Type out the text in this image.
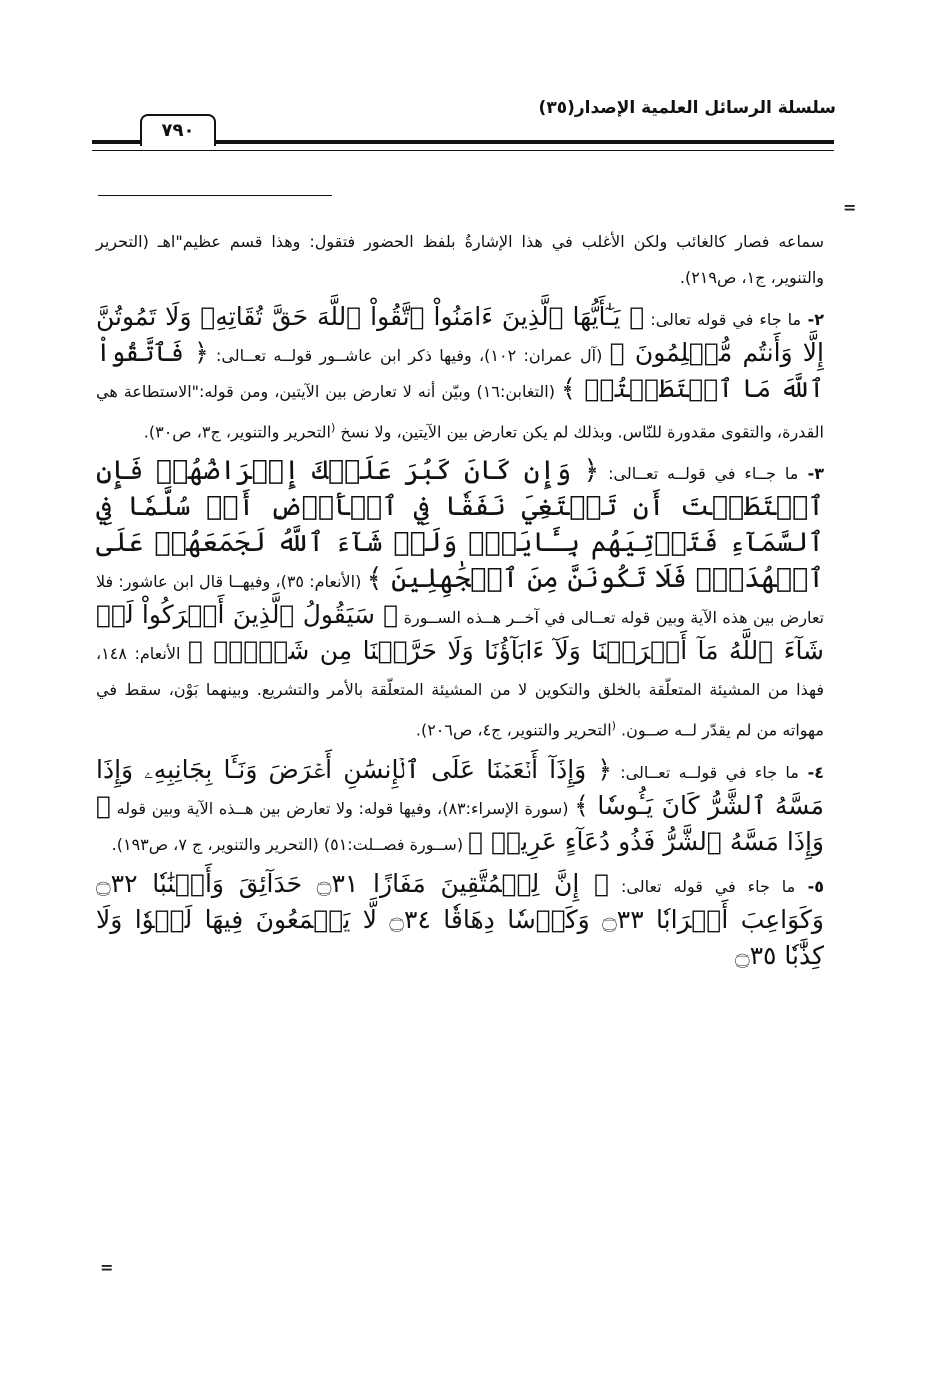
سلسلة الرسائل العلمية الإصدار(٣٥)
٧٩٠
=

سماعه فصار كالغائب ولكن الأغلب في هذا الإشارةُ بلفظ الحضور فتقول: وهذا قسم عظيم"اهـ (التحرير والتنوير، ج١، ص٢١٩).

٢- ما جاء في قوله تعالى: ﴿ يَـٰٓأَيُّهَا ٱلَّذِينَ ءَامَنُواْ ٱتَّقُواْ ٱللَّهَ حَقَّ تُقَاتِهِۦ وَلَا تَمُوتُنَّ إِلَّا وَأَنتُم مُّسۡلِمُونَ ﴾ (آل عمران: ١٠٢)، وفيها ذكر ابن عاشــور قولــه تعــالى: ﴿ فَٱتَّقُواْ ٱللَّهَ مَا ٱسۡتَطَعۡتُمۡ ﴾ (التغابن:١٦) وبيّن أنه لا تعارض بين الآيتين، ومن قوله:"الاستطاعة هي القدرة، والتقوى مقدورة للنّاس. وبذلك لم يكن تعارض بين الآيتين، ولا نسخ (التحرير والتنوير، ج٣، ص٣٠).

٣- ما جــاء في قولــه تعــالى: ﴿ وَإِن كَانَ كَبُرَ عَلَيۡكَ إِعۡرَاضُهُمۡ فَإِنِ ٱسۡتَطَعۡتَ أَن تَبۡتَغِيَ نَفَقٗا فِي ٱلۡأَرۡضِ أَوۡ سُلَّمٗا فِي ٱلسَّمَآءِ فَتَأۡتِيَهُم بِـَٔايَةٖۚ وَلَوۡ شَآءَ ٱللَّهُ لَجَمَعَهُمۡ عَلَى ٱلۡهُدَىٰۚ فَلَا تَكُونَنَّ مِنَ ٱلۡجَٰهِلِينَ ﴾ (الأنعام: ٣٥)، وفيهــا قال ابن عاشور: فلا تعارض بين هذه الآية وبين قوله تعــالى في آخــر هــذه الســورة ﴿ سَيَقُولُ ٱلَّذِينَ أَشۡرَكُواْ لَوۡ شَآءَ ٱللَّهُ مَآ أَشۡرَكۡنَا وَلَآ ءَابَآؤُنَا وَلَا حَرَّمۡنَا مِن شَيۡءٖۚ ﴾ الأنعام: ١٤٨، فهذا من المشيئة المتعلّقة بالخلق والتكوين لا من المشيئة المتعلّقة بالأمر والتشريع. وبينهما بَوْن، سقط في مهواته من لم يقدّر لــه صــون. (التحرير والتنوير، ج٤، ص٢٠٦).

٤- ما جاء في قولــه تعــالى: ﴿ وَإِذَآ أَنۡعَمۡنَا عَلَى ٱلۡإِنسَٰنِ أَعۡرَضَ وَنَـَٔا بِجَانِبِهِۦ وَإِذَا مَسَّهُ ٱلشَّرُّ كَانَ يَـُٔوسٗا ﴾ (سورة الإسراء:٨٣)، وفيها قوله: ولا تعارض بين هــذه الآية وبين قوله ﴿ وَإِذَا مَسَّهُ ٱلشَّرُّ فَذُو دُعَآءٍ عَرِيضٖ ﴾ (ســورة فصــلت:٥١) (التحرير والتنوير، ج ٧، ص١٩٣).

٥- ما جاء في قوله تعالى: ﴿ إِنَّ لِلۡمُتَّقِينَ مَفَازًا ۝٣١ حَدَآئِقَ وَأَعۡنَٰبٗا ۝٣٢ وَكَوَاعِبَ أَتۡرَابٗا ۝٣٣ وَكَأۡسٗا دِهَاقٗا ۝٣٤ لَّا يَسۡمَعُونَ فِيهَا لَغۡوٗا وَلَا كِذَّٰبٗا ۝٣٥

=
